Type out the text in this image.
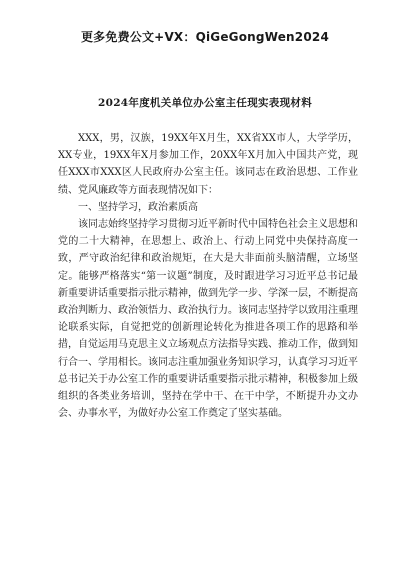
更多免费公文+VX：QiGeGongWen2024
2024年度机关单位办公室主任现实表现材料

XXX，男，汉族，19XX年X月生，XX省XX市人，大学学历，XX专业，19XX年X月参加工作，20XX年X月加入中国共产党，现任XXX市XXX区人民政府办公室主任。该同志在政治思想、工作业绩、党风廉政等方面表现情况如下：

一、坚持学习，政治素质高

该同志始终坚持学习贯彻习近平新时代中国特色社会主义思想和党的二十大精神，在思想上、政治上、行动上同党中央保持高度一致，严守政治纪律和政治规矩，在大是大非面前头脑清醒，立场坚定。能够严格落实“第一议题”制度，及时跟进学习习近平总书记最新重要讲话重要指示批示精神，做到先学一步、学深一层，不断提高政治判断力、政治领悟力、政治执行力。该同志坚持学以致用注重理论联系实际，自觉把党的创新理论转化为推进各项工作的思路和举措，自觉运用马克思主义立场观点方法指导实践、推动工作，做到知行合一、学用相长。该同志注重加强业务知识学习，认真学习习近平总书记关于办公室工作的重要讲话重要指示批示精神，积极参加上级组织的各类业务培训，坚持在学中干、在干中学，不断提升办文办会、办事水平，为做好办公室工作奠定了坚实基础。
